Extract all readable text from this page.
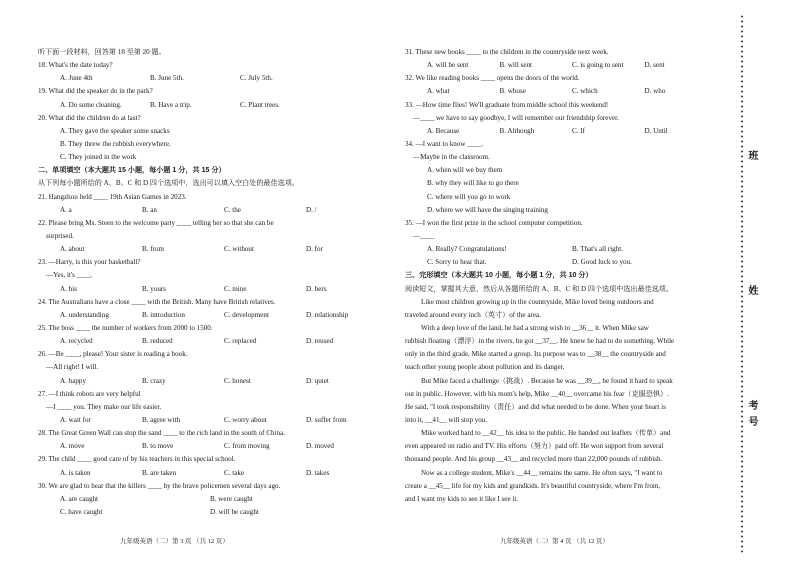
听下面一段材料，回答第 18 至第 20 题。
18. What's the date today?
A. June 4th	B. June 5th.	C. July 5th.
19. What did the speaker do in the park?
A. Do some cleaning.	B. Have a trip.	C. Plant trees.
20. What did the children do at last?
A. They gave the speaker some snacks
B. They threw the rubbish everywhere.
C. They joined in the work
二、单项填空（本大题共 15 小题，每小题 1 分，共 15 分）
从下列每小题所给的 A、B、C 和 D 四个选项中，选出可以填入空白处的最佳选项。
21. Hangzhou held ____ 19th Asian Games in 2023.
A. a	B. an	C. the	D. /
22. Please bring Ms. Steen to the welcome party ____ telling her so that she can be
surprised.
A. about	B. from	C. without	D. for
23. —Harry, is this your basketball?
—Yes, it's ____.
A. his	B. yours	C. mine	D. hers
24. The Australians have a close ____ with the British. Many have British relatives.
A. understanding	B. introduction	C. development	D. relationship
25. The boss ____ the number of workers from 2000 to 1500.
A. recycled	B. reduced	C. replaced	D. reused
26. —Be ____, please! Your sister is reading a book.
—All right! I will.
A. happy	B. crazy	C. honest	D. quiet
27. —I think robots are very helpful
—I ____ you. They make our life easier.
A. wait for	B. agree with	C. worry about	D. suffer from
28. The Great Green Wall can stop the sand ____ to the rich land in the south of China.
A. move	B. to move	C. from moving	D. moved
29. The child ____ good care of by his teachers in this special school.
A. is taken	B. are taken	C. take	D. takes
30. We are glad to hear that the killers ____ by the brave policemen several days ago.
A. are caught	B. were caught
C. have caught	D. will be caught
31. These new books ____ to the children in the countryside next week.
A. will be sent	B. will sent	C. is going to sent	D. sent
32. We like reading books ____ opens the doors of the world.
A. what	B. whose	C. which	D. who
33. —How time flies! We'll graduate from middle school this weekend!
—____ we have to say goodbye, I will remember our friendship forever.
A. Because	B. Although	C. If	D. Until
34. —I want to know ____.
—Maybe in the classroom.
A. when will we buy them
B. why they will like to go there
C. where will you go to work
D. where we will have the singing training
35. —I won the first prize in the school computer competition.
—____
A. Really? Congratulations!	B. That's all right.
C. Sorry to hear that.	D. Good luck to you.
三、完形填空（本大题共 10 小题，每小题 1 分，共 10 分）
阅读短文，掌握其大意，然后从各题所给的 A、B、C 和 D 四个选项中选出最佳选项。
Like most children growing up in the countryside, Mike loved being outdoors and
traveled around every inch（英寸）of the area.
With a deep love of the land, he had a strong wish to __36__ it. When Mike saw
rubbish floating（漂浮）in the rivers, he got __37__. He knew he had to do something. While
only in the third grade, Mike started a group. Its purpose was to __38__ the countryside and
teach other young people about pollution and its danger.
But Mike faced a challenge（挑战）. Because he was __39__, he found it hard to speak
out in public. However, with his mom's help, Mike __40__ overcame his fear（克服恐惧）.
He said, "I took responsibility（责任）and did what needed to be done. When your heart is
into it, __41__ will stop you.
Mike worked hard to __42__ his idea to the public. He handed out leaflets（传单）and
even appeared on radio and TV. His efforts（努力）paid off. He won support from several
thousand people. And his group __43__ and recycled more than 22,000 pounds of rubbish.
Now as a college student, Mike's __44__ remains the same. He often says, "I want to
create a __45__ life for my kids and grandkids. It's beautiful countryside, where I'm from,
and I want my kids to see it like I see it.
九年级英语（二）第 3 页 （共 12 页）	九年级英语（二）第 4 页 （共 12 页）
班
姓
考
号
